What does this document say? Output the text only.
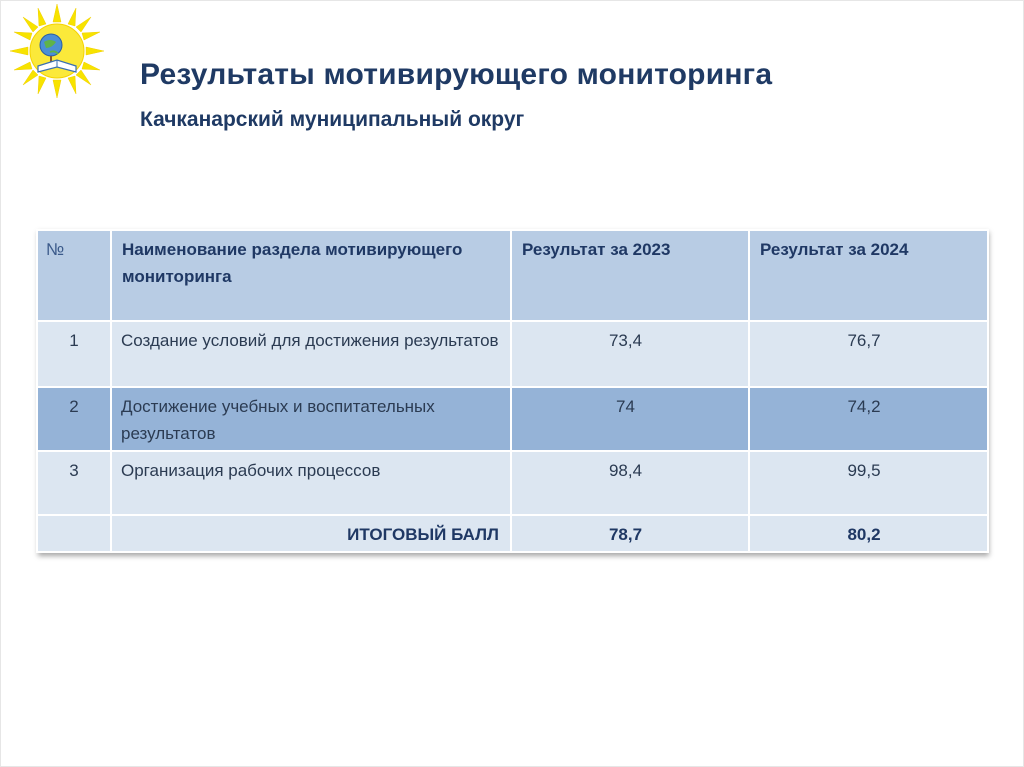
Результаты мотивирующего мониторинга
Качканарский муниципальный округ
№	Наименование раздела мотивирующего мониторинга	Результат за 2023	Результат за 2024
1	Создание условий для достижения результатов	73,4	76,7
2	Достижение учебных и воспитательных результатов	74	74,2
3	Организация рабочих процессов	98,4	99,5
	ИТОГОВЫЙ БАЛЛ	78,7	80,2
